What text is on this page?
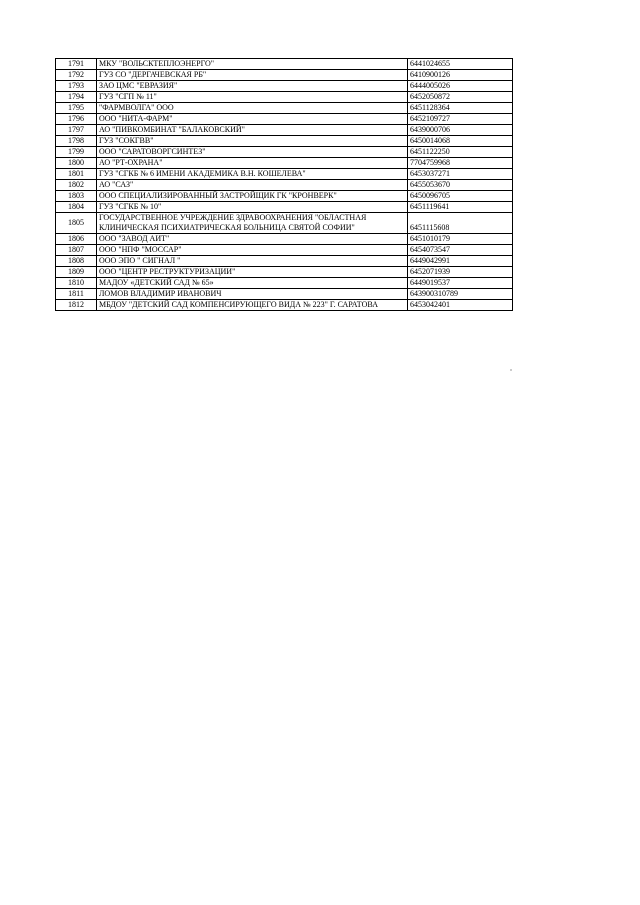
1791	МКУ "ВОЛЬСКТЕПЛОЭНЕРГО"	6441024655
1792	ГУЗ СО "ДЕРГАЧЕВСКАЯ РБ"	6410900126
1793	ЗАО ЦМС "ЕВРАЗИЯ"	6444005026
1794	ГУЗ "СГП № 11"	6452050872
1795	"ФАРМВОЛГА" ООО	6451128364
1796	ООО "НИТА-ФАРМ"	6452109727
1797	АО "ПИВКОМБИНАТ "БАЛАКОВСКИЙ"	6439000706
1798	ГУЗ "СОКГВВ"	6450014068
1799	ООО "САРАТОВОРГСИНТЕЗ"	6451122250
1800	АО "РТ-ОХРАНА"	7704759968
1801	ГУЗ "СГКБ № 6 ИМЕНИ АКАДЕМИКА В.Н. КОШЕЛЕВА"	6453037271
1802	АО "САЗ"	6455053670
1803	ООО СПЕЦИАЛИЗИРОВАННЫЙ ЗАСТРОЙЩИК ГК "КРОНВЕРК"	6450096705
1804	ГУЗ "СГКБ № 10"	6451119641
1805	ГОСУДАРСТВЕННОЕ УЧРЕЖДЕНИЕ ЗДРАВООХРАНЕНИЯ "ОБЛАСТНАЯ КЛИНИЧЕСКАЯ ПСИХИАТРИЧЕСКАЯ БОЛЬНИЦА СВЯТОЙ СОФИИ"	6451115608
1806	ООО "ЗАВОД АИТ"	6451010179
1807	ООО "НПФ "МОССАР"	6454073547
1808	ООО ЭПО " СИГНАЛ "	6449042991
1809	ООО "ЦЕНТР РЕСТРУКТУРИЗАЦИИ"	6452071939
1810	МАДОУ «ДЕТСКИЙ САД № 65»	6449019537
1811	ЛОМОВ ВЛАДИМИР ИВАНОВИЧ	643900310789
1812	МБДОУ "ДЕТСКИЙ САД КОМПЕНСИРУЮЩЕГО ВИДА № 223" Г. САРАТОВА	6453042401
"
